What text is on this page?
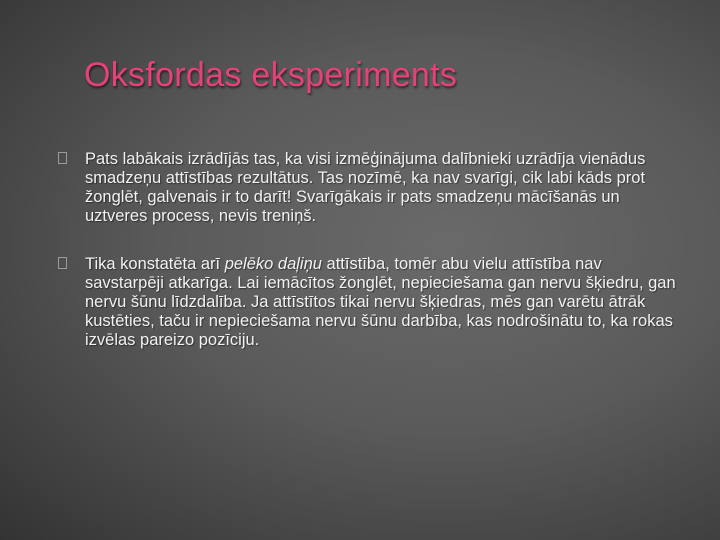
Oksfordas eksperiments
Pats labākais izrādījās tas, ka visi izmēģinājuma dalībnieki uzrādīja vienādus smadzeņu attīstības rezultātus. Tas nozīmē, ka nav svarīgi, cik labi kāds prot žonglēt, galvenais ir to darīt! Svarīgākais ir pats smadzeņu mācīšanās un uztveres process, nevis treniņš.
Tika konstatēta arī pelēko daļiņu attīstība, tomēr abu vielu attīstība nav savstarpēji atkarīga. Lai iemācītos žonglēt, nepieciešama gan nervu šķiedru, gan nervu šūnu līdzdalība. Ja attīstītos tikai nervu šķiedras, mēs gan varētu ātrāk kustēties, taču ir nepieciešama nervu šūnu darbība, kas nodrošinātu to, ka rokas izvēlas pareizo pozīciju.
